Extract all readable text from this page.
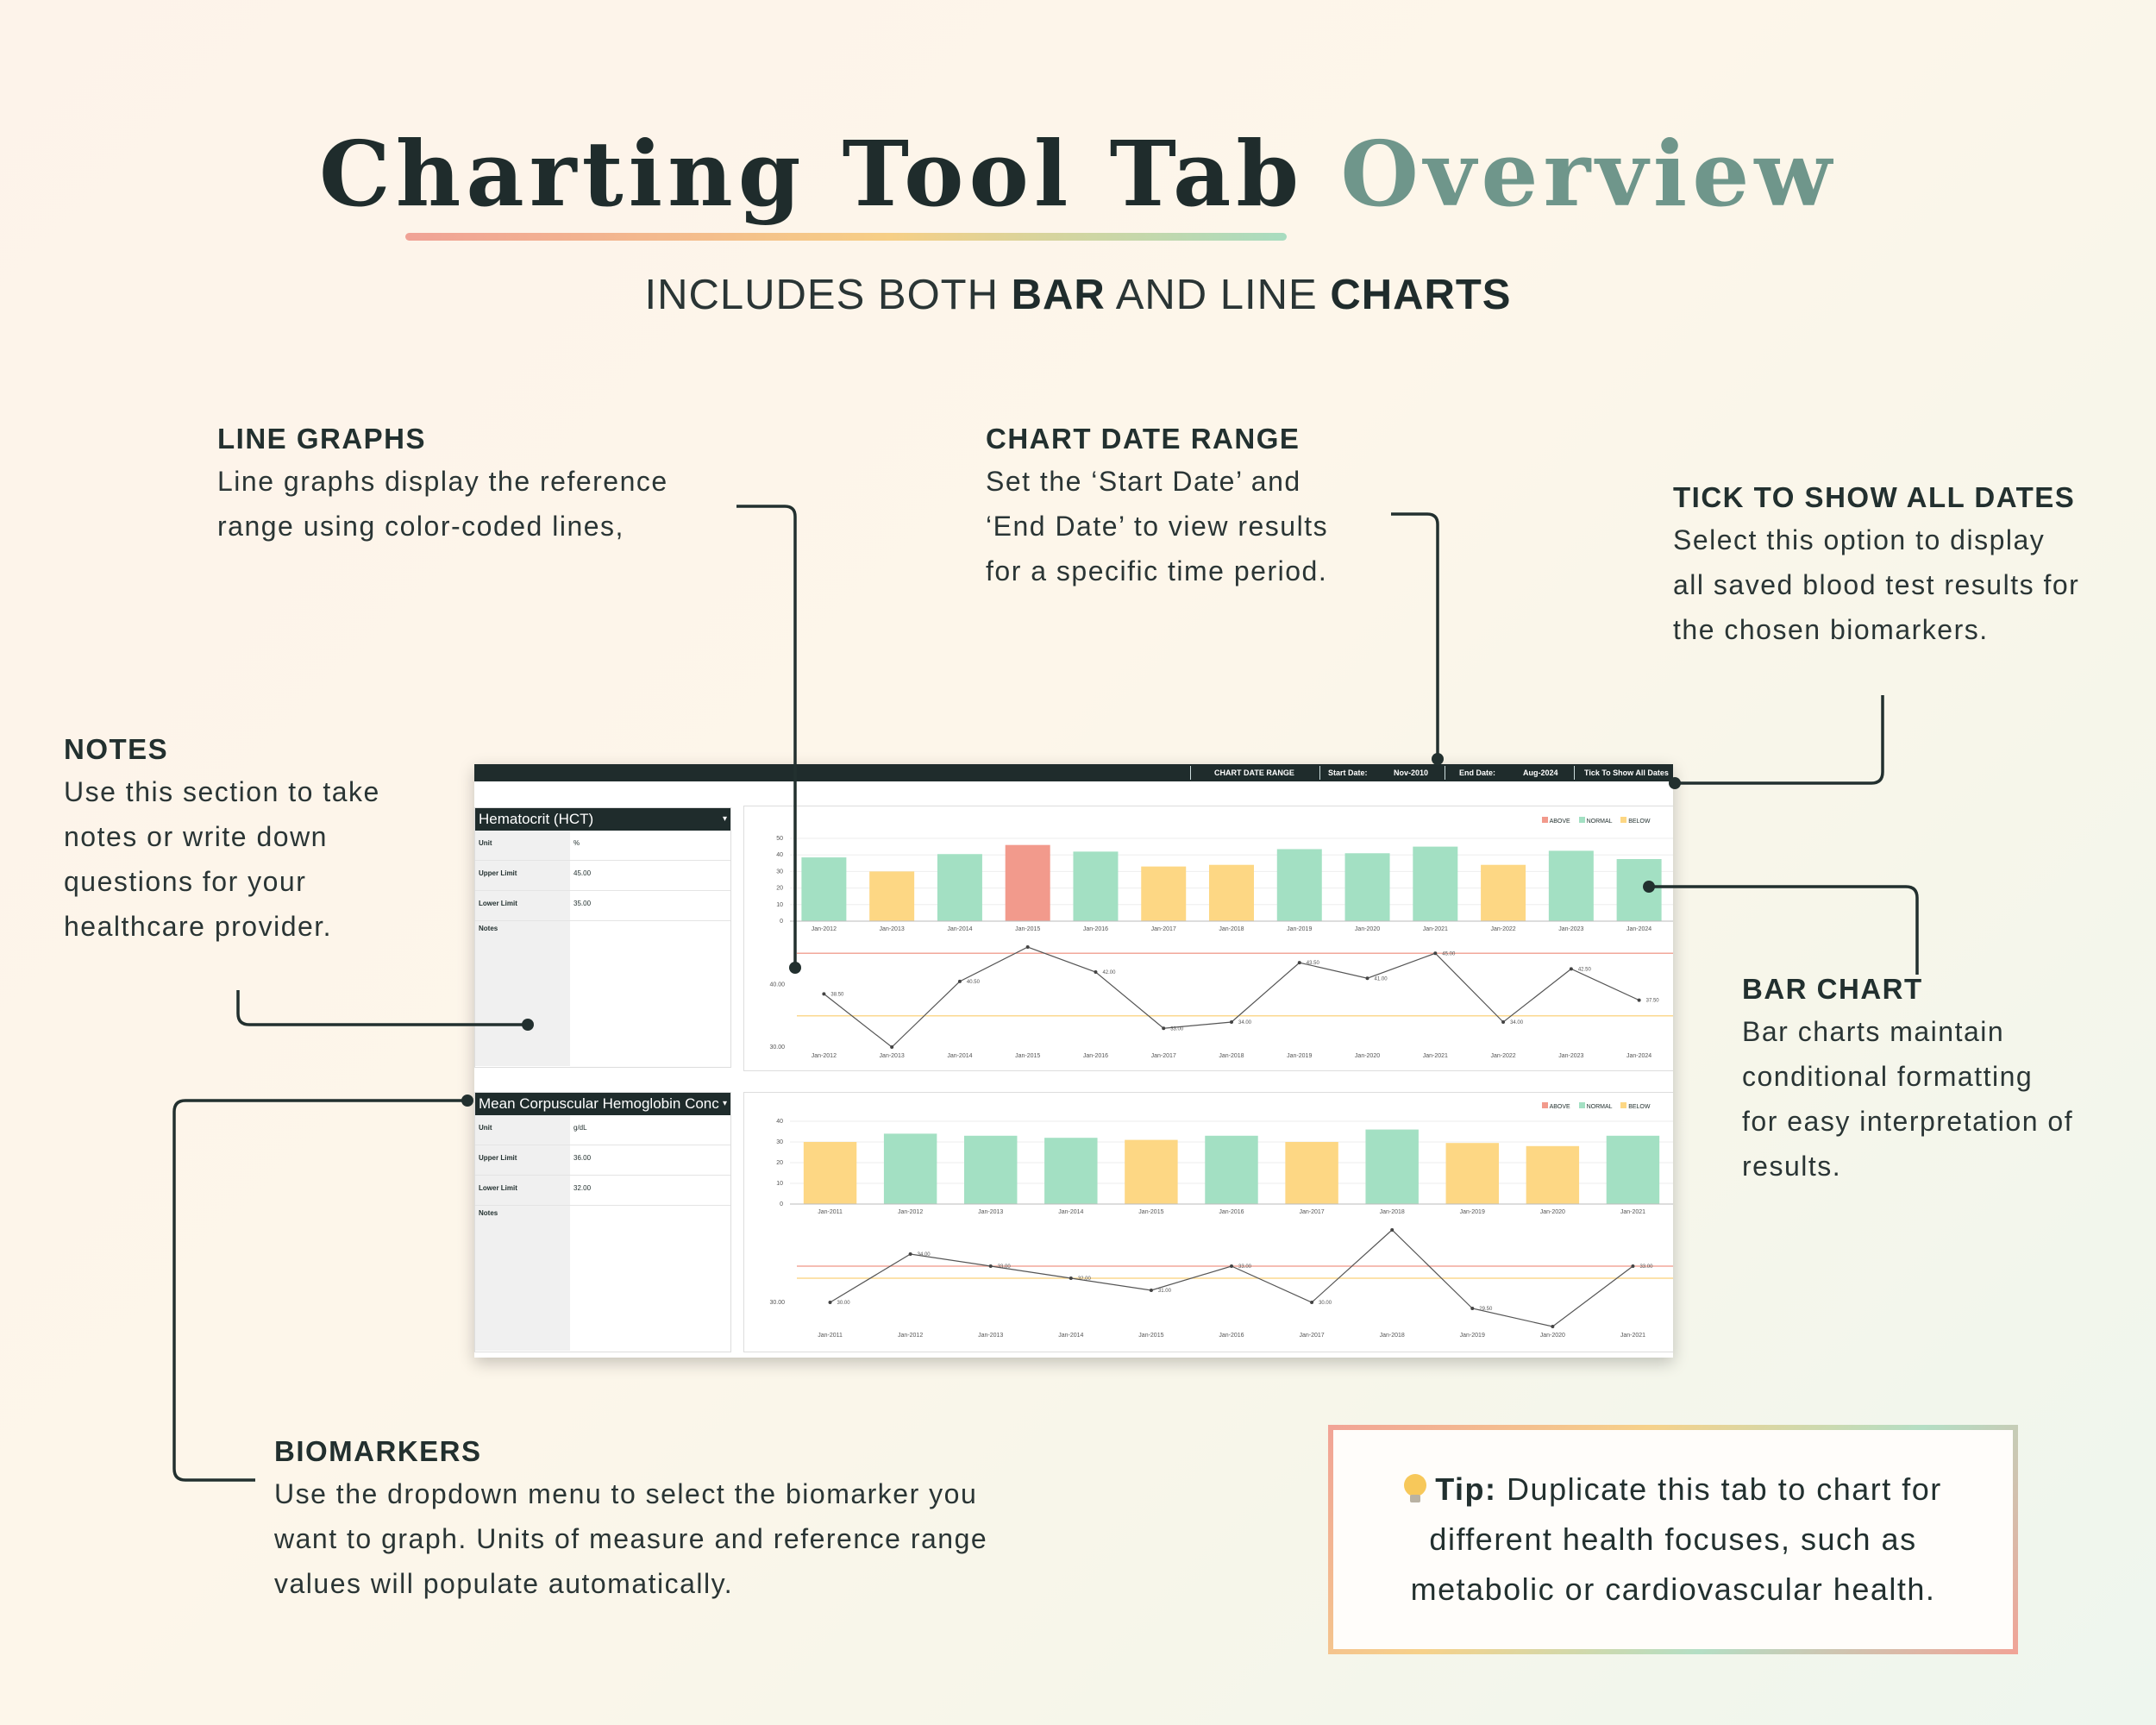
Charting Tool Tab Overview
INCLUDES BOTH BAR AND LINE CHARTS
LINE GRAPHS
Line graphs display the reference
range using color-coded lines,
CHART DATE RANGE
Set the ‘Start Date’ and
‘End Date’ to view results
for a specific time period.
TICK TO SHOW ALL DATES
Select this option to display
all saved blood test results for
the chosen biomarkers.
NOTES
Use this section to take
notes or write down
questions for your
healthcare provider.
BAR CHART
Bar charts maintain
conditional formatting
for easy interpretation of
results.
BIOMARKERS
Use the dropdown menu to select the biomarker you
want to graph. Units of measure and reference range
values will populate automatically.
CHART DATE RANGE	Start Date:	Nov-2010	End Date:	Aug-2024	Tick To Show All Dates
Hematocrit (HCT)	▾
Unit	%
Upper Limit	45.00
Lower Limit	35.00
Notes
Mean Corpuscular Hemoglobin Conc ▾
Unit	g/dL
Upper Limit	36.00
Lower Limit	32.00
Notes
ABOVE	NORMAL	BELOW
ABOVE	NORMAL	BELOW
50
40
30
20
10
0
Jan-2012	Jan-2013	Jan-2014	Jan-2015	Jan-2016	Jan-2017	Jan-2018	Jan-2019	Jan-2020	Jan-2021	Jan-2022	Jan-2023	Jan-2024
40.00
30.00
38.50
Jan-2012	Jan-2013
40.50
Jan-2014	Jan-2015
42.00
Jan-2016
33.00
Jan-2017
34.00
Jan-2018
43.50
Jan-2019
41.00
Jan-2020
45.00
Jan-2021
34.00
Jan-2022
42.50
Jan-2023
37.50
Jan-2024
40
30
20
10
0
Jan-2011	Jan-2012	Jan-2013	Jan-2014	Jan-2015	Jan-2016	Jan-2017	Jan-2018	Jan-2019	Jan-2020	Jan-2021
30.00	30.00
Jan-2011
34.00
Jan-2012
33.00
Jan-2013
32.00
Jan-2014
31.00
Jan-2015
33.00
Jan-2016
30.00
Jan-2017	Jan-2018
29.50
Jan-2019	Jan-2020
33.00
Jan-2021
Tip: Duplicate this tab to chart for
different health focuses, such as
metabolic or cardiovascular health.
